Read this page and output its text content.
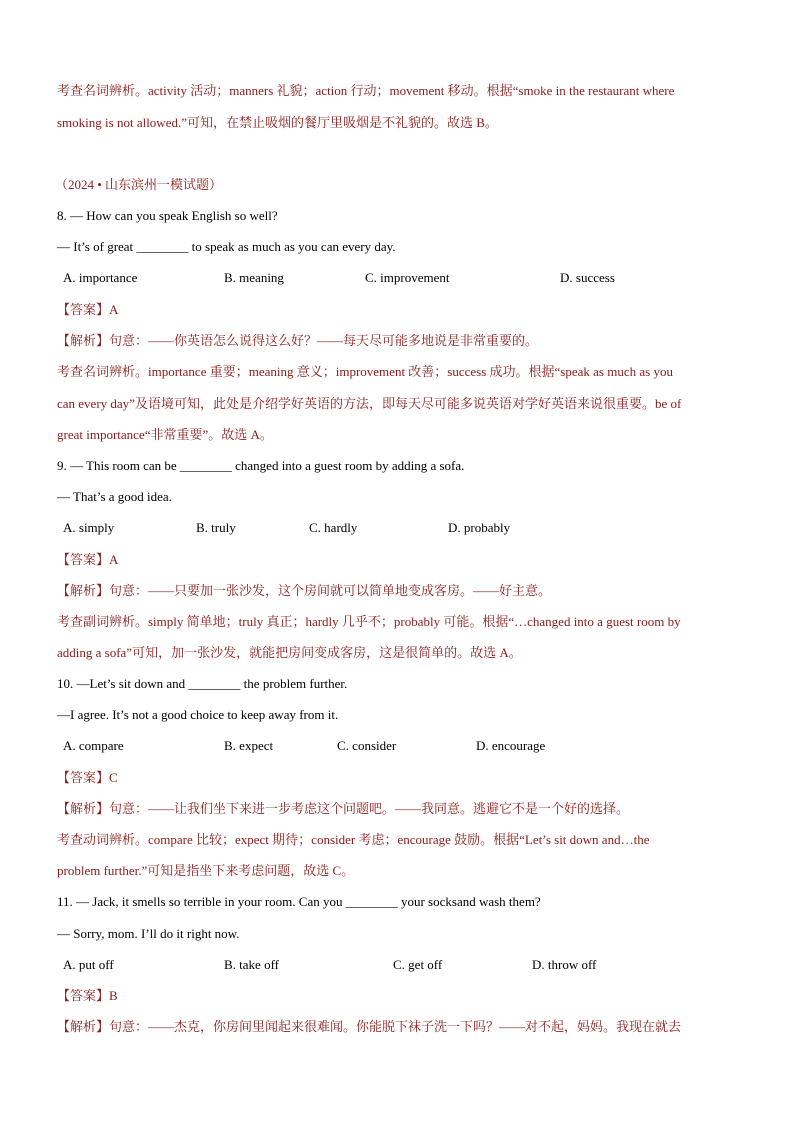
考查名词辨析。activity 活动；manners 礼貌；action 行动；movement 移动。根据“smoke in the restaurant where
smoking is not allowed.”可知，在禁止吸烟的餐厅里吸烟是不礼貌的。故选 B。
（2024 • 山东滨州一模试题）
8. — How can you speak English so well?
— It’s of great ________ to speak as much as you can every day.
A. importance	B. meaning	C. improvement	D. success
【答案】A
【解析】句意：——你英语怎么说得这么好？——每天尽可能多地说是非常重要的。
考查名词辨析。importance 重要；meaning 意义；improvement 改善；success 成功。根据“speak as much as you
can every day”及语境可知，此处是介绍学好英语的方法，即每天尽可能多说英语对学好英语来说很重要。be of
great importance“非常重要”。故选 A。
9. — This room can be ________ changed into a guest room by adding a sofa.
— That’s a good idea.
A. simply	B. truly	C. hardly	D. probably
【答案】A
【解析】句意：——只要加一张沙发，这个房间就可以简单地变成客房。——好主意。
考查副词辨析。simply 简单地；truly 真正；hardly 几乎不；probably 可能。根据“…changed into a guest room by
adding a sofa”可知，加一张沙发，就能把房间变成客房，这是很简单的。故选 A。
10. —Let’s sit down and ________ the problem further.
—I agree. It’s not a good choice to keep away from it.
A. compare	B. expect	C. consider	D. encourage
【答案】C
【解析】句意：——让我们坐下来进一步考虑这个问题吧。——我同意。逃避它不是一个好的选择。
考查动词辨析。compare 比较；expect 期待；consider 考虑；encourage 鼓励。根据“Let’s sit down and…the
problem further.”可知是指坐下来考虑问题，故选 C。
11. — Jack, it smells so terrible in your room. Can you ________ your socksand wash them?
— Sorry, mom. I’ll do it right now.
A. put off	B. take off	C. get off	D. throw off
【答案】B
【解析】句意：——杰克，你房间里闻起来很难闻。你能脱下袜子洗一下吗？——对不起，妈妈。我现在就去
